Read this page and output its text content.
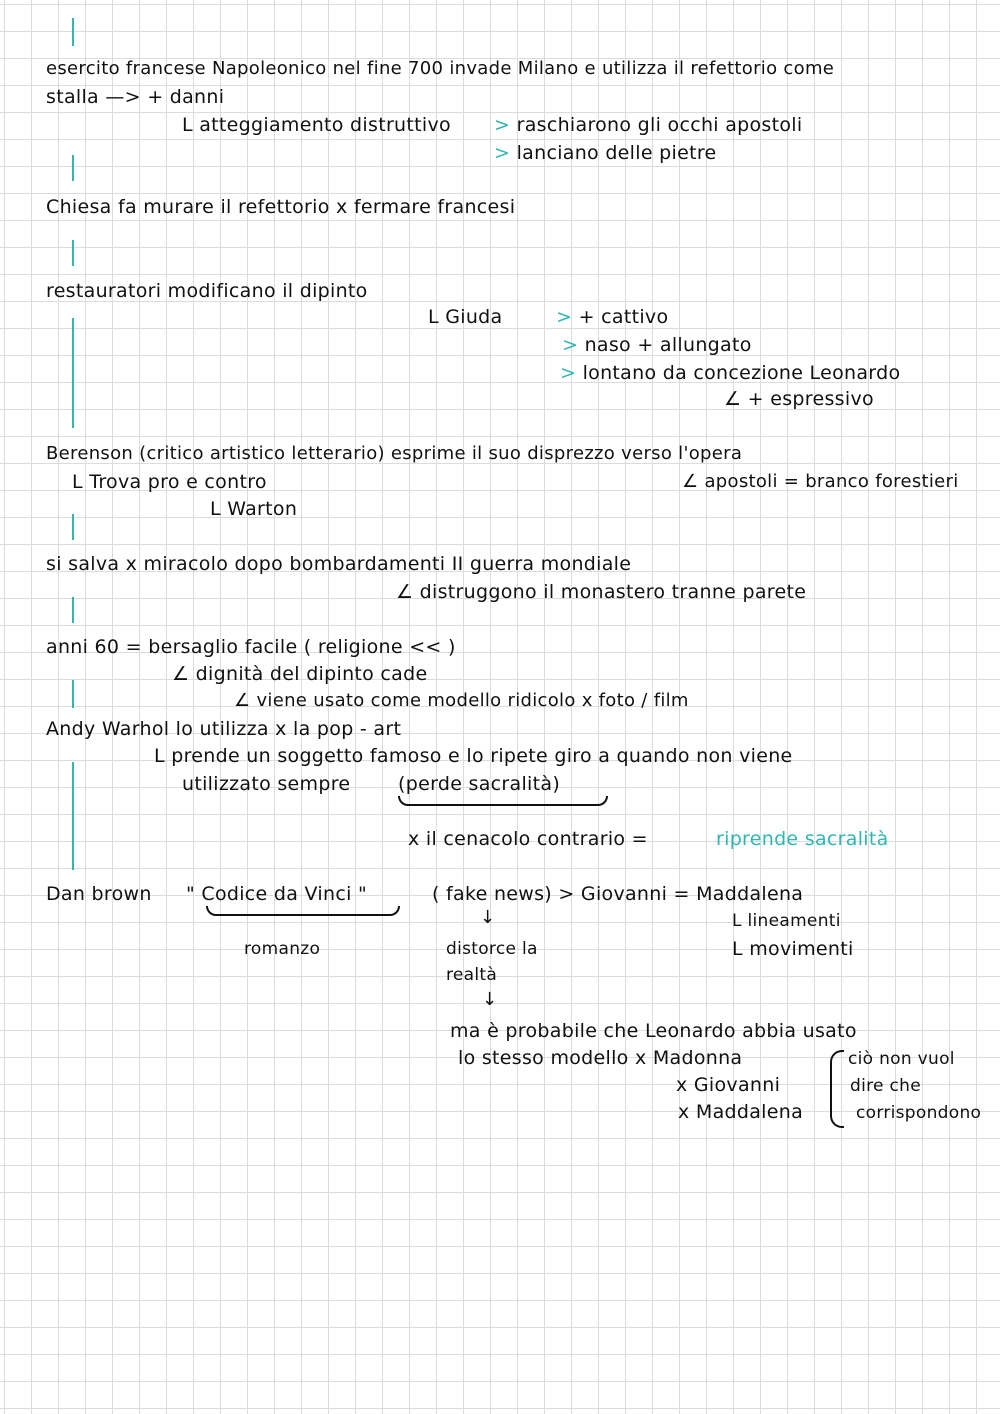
esercito francese Napoleonico nel fine 700 invade Milano e utilizza il refettorio come
stalla —> + danni
L atteggiamento distruttivo > raschiarono gli occhi apostoli
> lanciano delle pietre
Chiesa fa murare il refettorio x fermare francesi
restauratori modificano il dipinto
L Giuda	> + cattivo
> naso + allungato
> lontano da concezione Leonardo
∠ + espressivo
Berenson (critico artistico letterario) esprime il suo disprezzo verso l'opera
∠ apostoli = branco forestieri
L Trova pro e contro
L Warton
si salva x miracolo dopo bombardamenti II guerra mondiale
∠ distruggono il monastero tranne parete
anni 60 = bersaglio facile ( religione << )
∠ dignità del dipinto cade
∠ viene usato come modello ridicolo x foto / film
Andy Warhol lo utilizza x la pop - art
L prende un soggetto famoso e lo ripete giro a quando non viene
utilizzato sempre	(perde sacralità)
x il cenacolo contrario =	riprende sacralità
Dan brown " Codice da Vinci "	( fake news) > Giovanni = Maddalena
↓	L lineamenti
romanzo	distorce la	L movimenti
realtà
↓
ma è probabile che Leonardo abbia usato
lo stesso modello x Madonna
x Giovanni
x Maddalena
ciò non vuol
dire che
corrispondono
